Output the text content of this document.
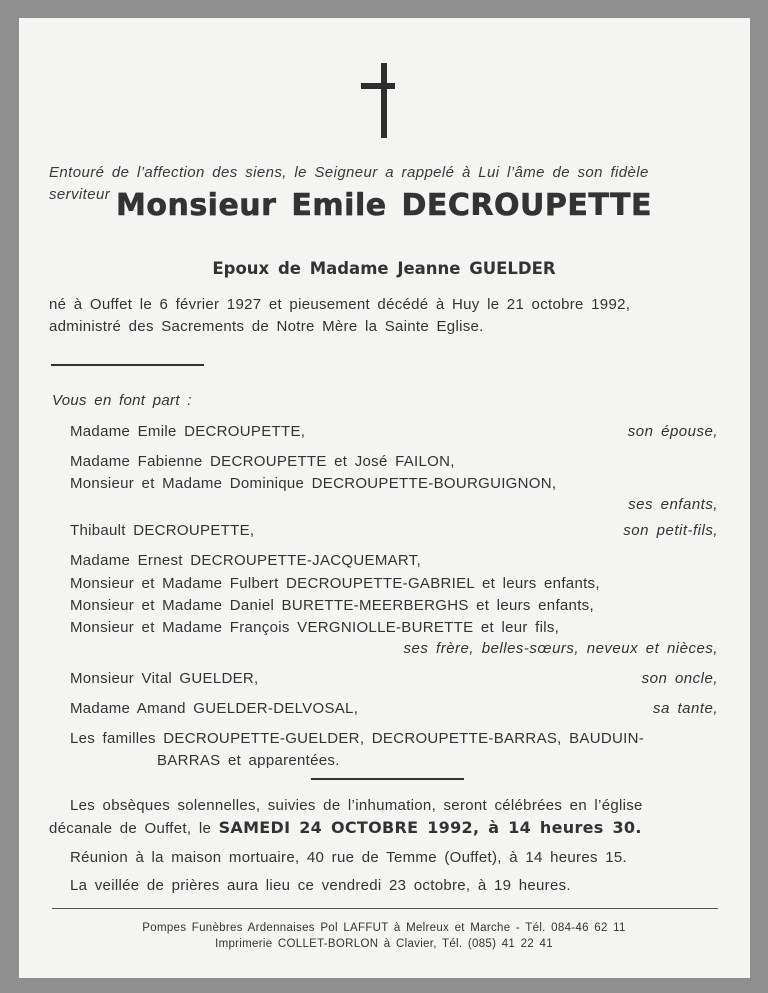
Entouré de l’affection des siens, le Seigneur a rappelé à Lui l’âme de son fidèle
serviteur Monsieur Emile DECROUPETTE
Epoux de Madame Jeanne GUELDER
né à Ouffet le 6 février 1927 et pieusement décédé à Huy le 21 octobre 1992,
administré des Sacrements de Notre Mère la Sainte Eglise.
Vous en font part :
Madame Emile DECROUPETTE,	son épouse,
Madame Fabienne DECROUPETTE et José FAILON,
Monsieur et Madame Dominique DECROUPETTE-BOURGUIGNON,
ses enfants,
Thibault DECROUPETTE,	son petit-fils,
Madame Ernest DECROUPETTE-JACQUEMART,
Monsieur et Madame Fulbert DECROUPETTE-GABRIEL et leurs enfants,
Monsieur et Madame Daniel BURETTE-MEERBERGHS et leurs enfants,
Monsieur et Madame François VERGNIOLLE-BURETTE et leur fils,
ses frère, belles-sœurs, neveux et nièces,
Monsieur Vital GUELDER,	son oncle,
Madame Amand GUELDER-DELVOSAL,	sa tante,
Les familles DECROUPETTE-GUELDER, DECROUPETTE-BARRAS, BAUDUIN-
BARRAS et apparentées.
Les obsèques solennelles, suivies de l’inhumation, seront célébrées en l’église
décanale de Ouffet, le SAMEDI 24 OCTOBRE 1992, à 14 heures 30.
Réunion à la maison mortuaire, 40 rue de Temme (Ouffet), à 14 heures 15.
La veillée de prières aura lieu ce vendredi 23 octobre, à 19 heures.
Pompes Funèbres Ardennaises Pol LAFFUT à Melreux et Marche - Tél. 084-46 62 11
Imprimerie COLLET-BORLON à Clavier, Tél. (085) 41 22 41
